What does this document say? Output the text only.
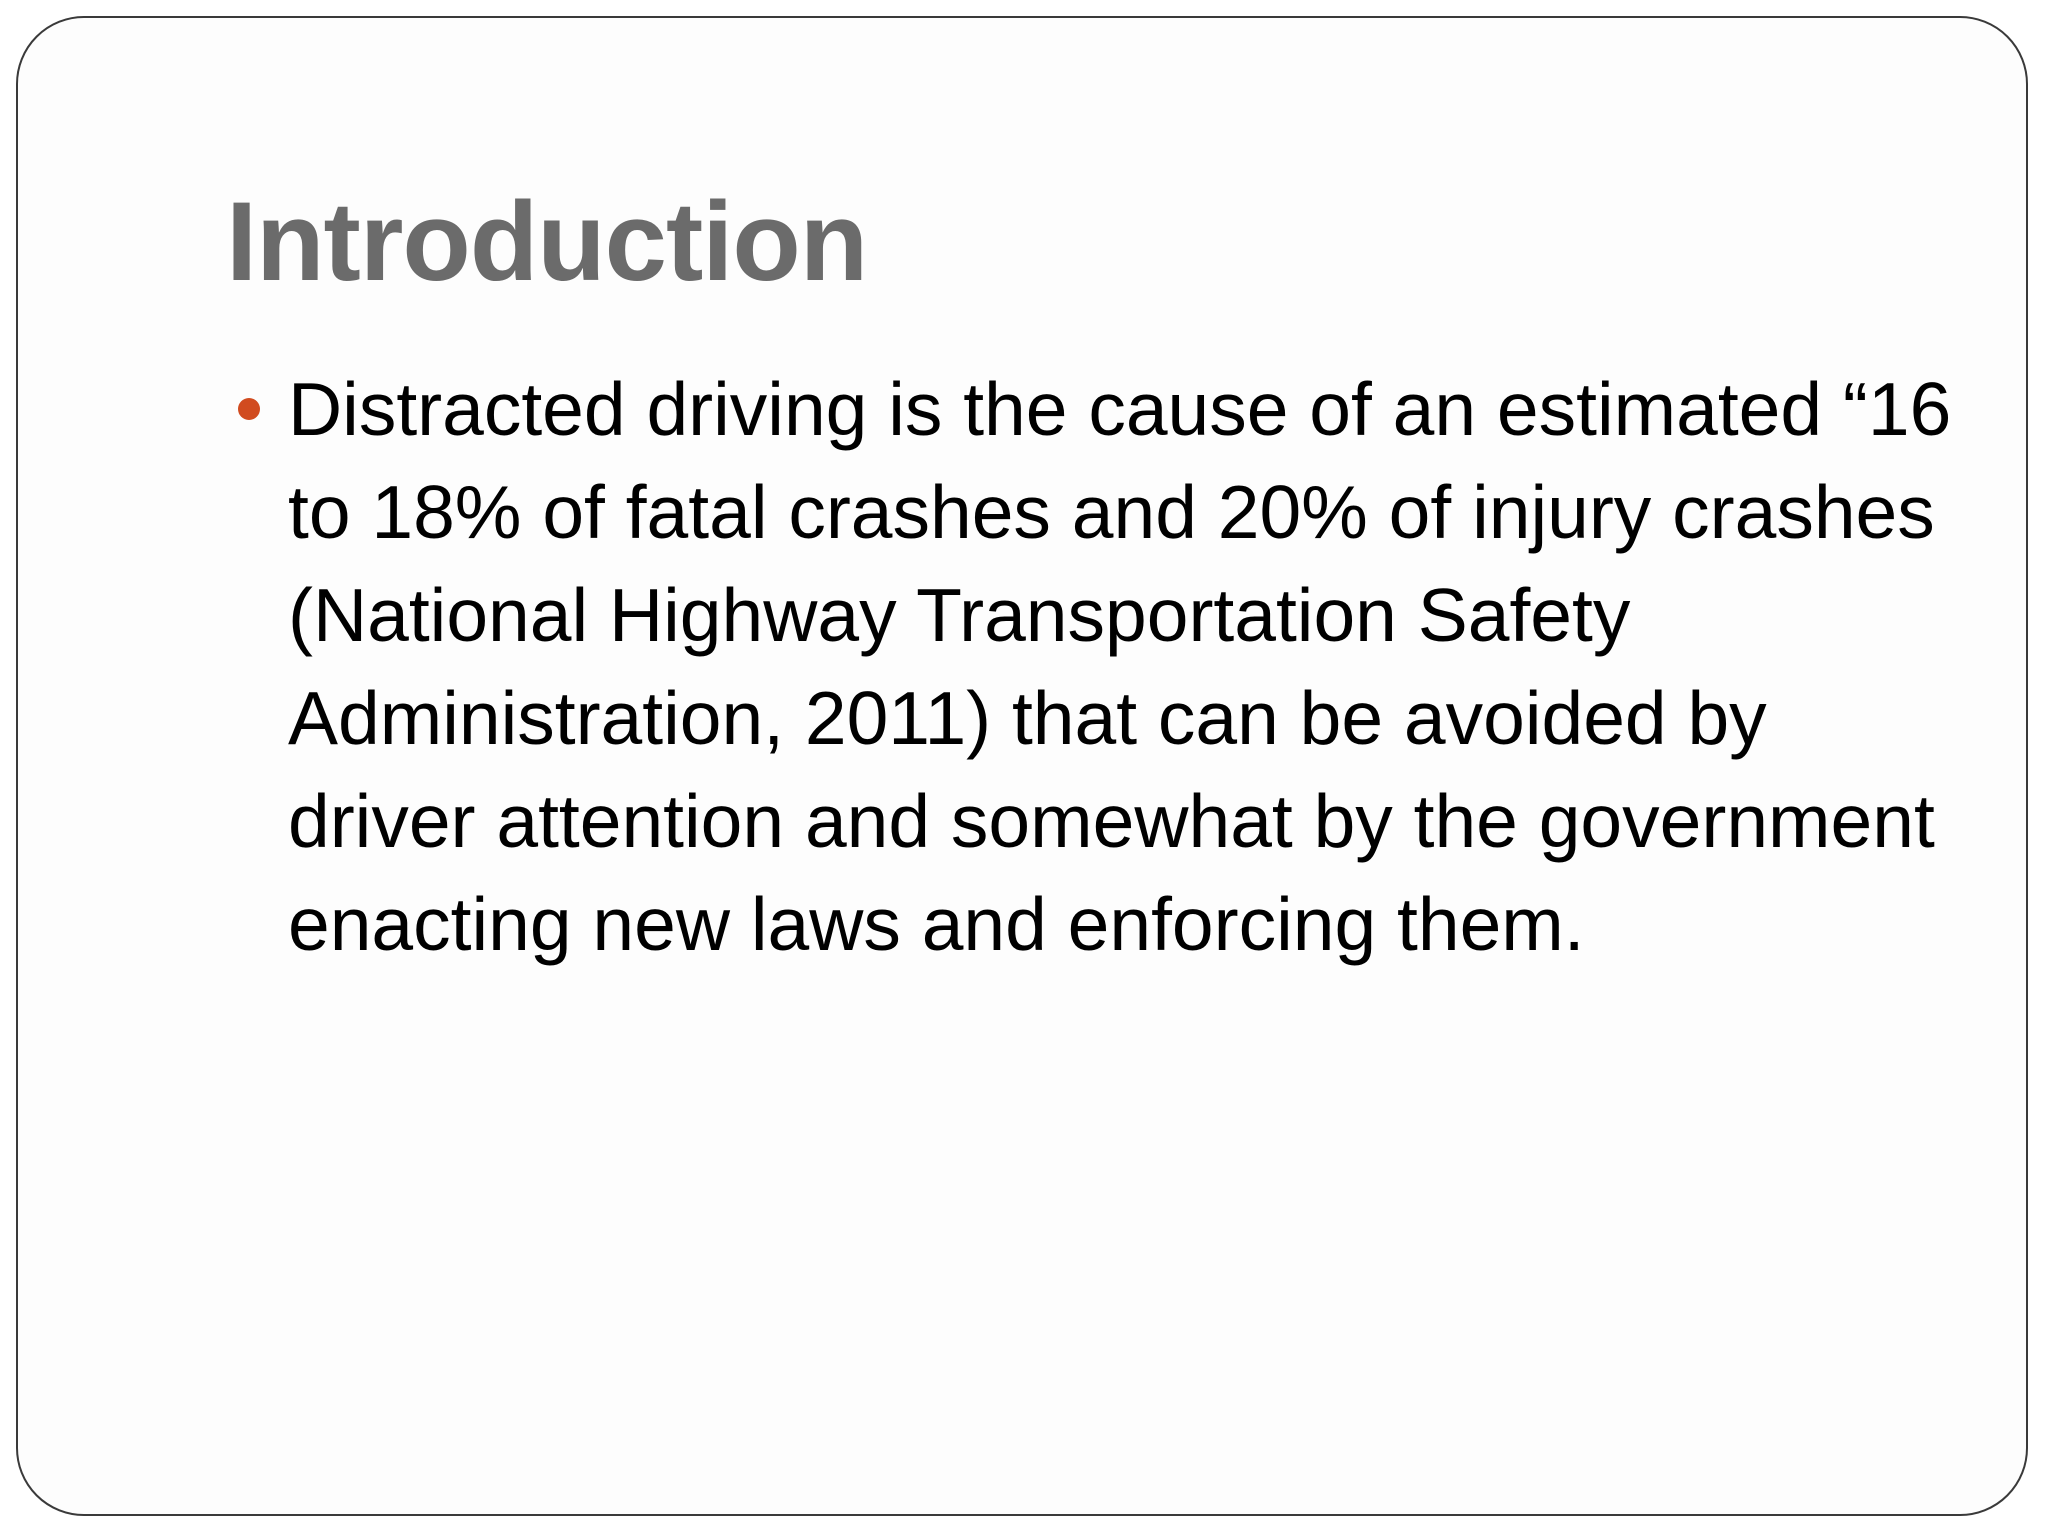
Introduction
Distracted driving is the cause of an estimated “16 to 18% of fatal crashes and 20% of injury crashes (National Highway Transportation Safety Administration, 2011) that can be avoided by driver attention and somewhat by the government enacting new laws and enforcing them.
